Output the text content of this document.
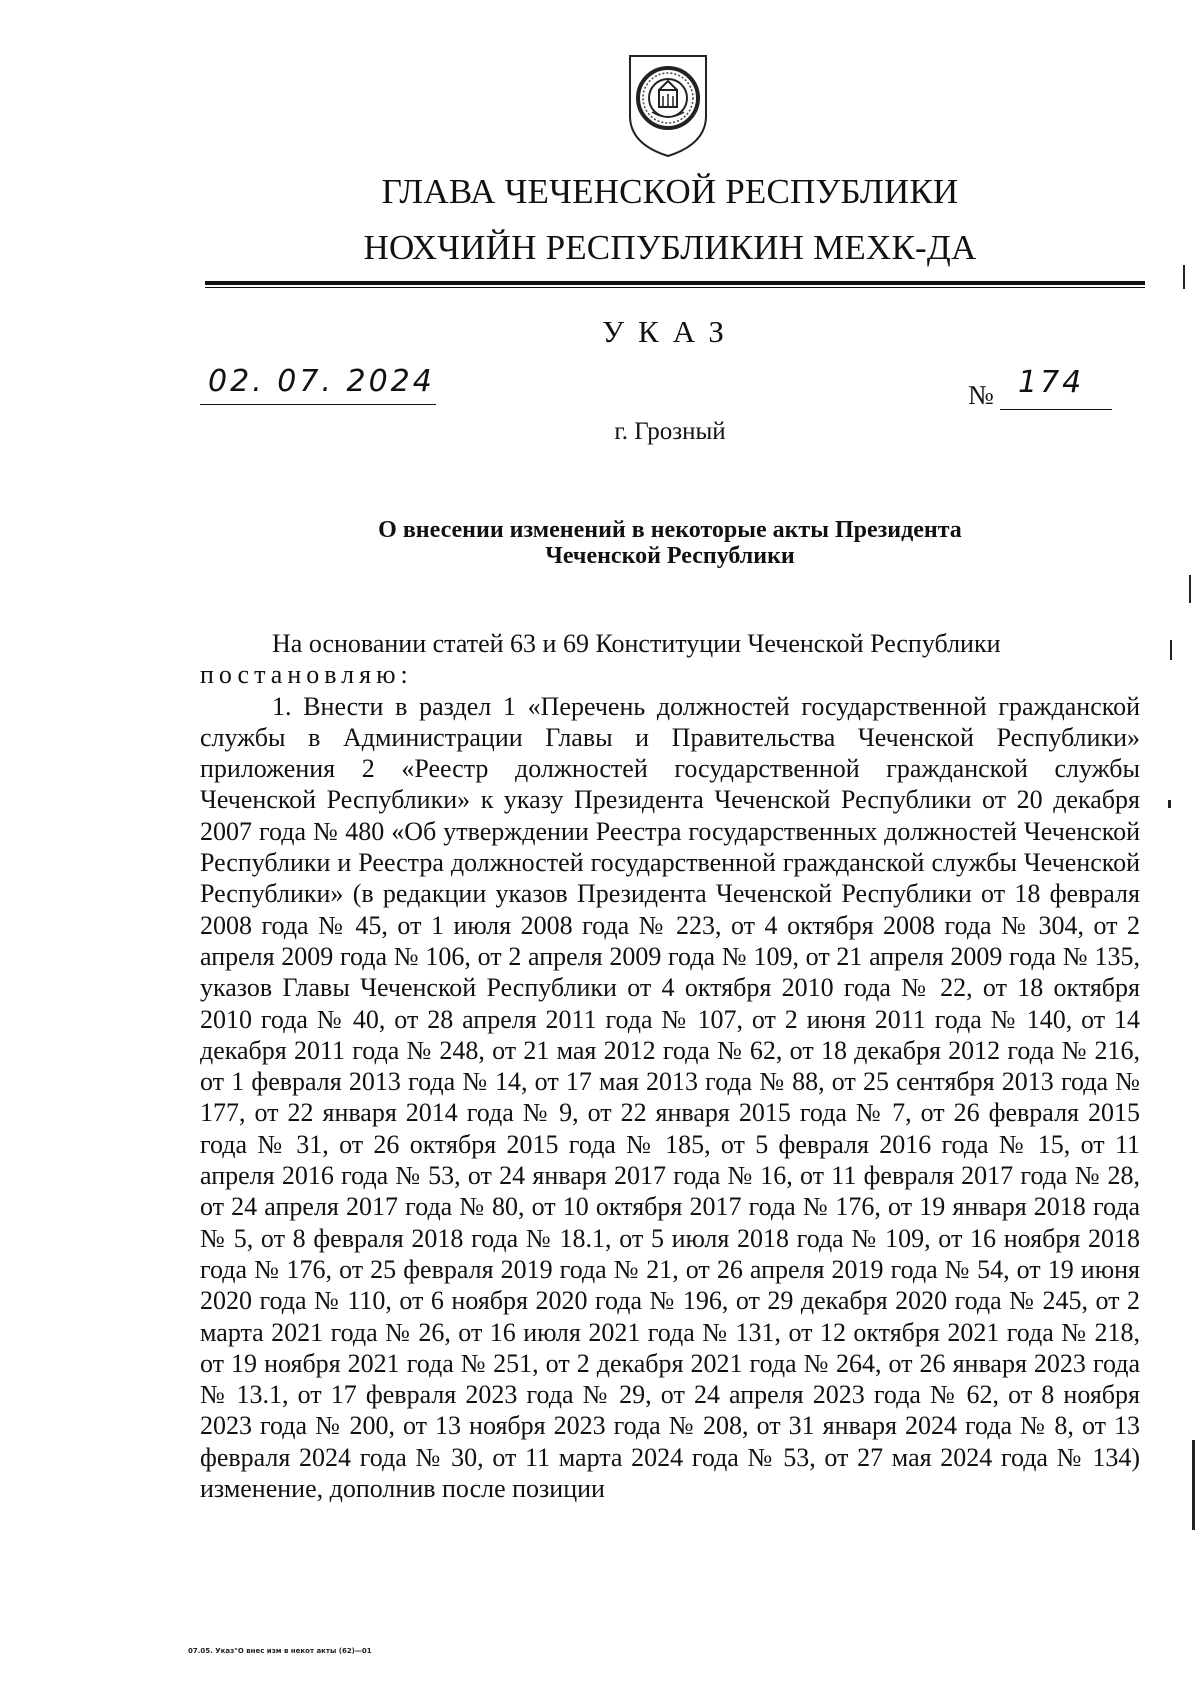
ГЛАВА ЧЕЧЕНСКОЙ РЕСПУБЛИКИ
НОХЧИЙН РЕСПУБЛИКИН МЕХК-ДА
УКАЗ
02. 07. 2024	№ 174
г. Грозный
О внесении изменений в некоторые акты Президента
Чеченской Республики

На основании статей 63 и 69 Конституции Чеченской Республики

постановляю:

1. Внести в раздел 1 «Перечень должностей государственной гражданской службы в Администрации Главы и Правительства Чеченской Республики» приложения 2 «Реестр должностей государственной гражданской службы Чеченской Республики» к указу Президента Чеченской Республики от 20 декабря 2007 года № 480 «Об утверждении Реестра государственных должностей Чеченской Республики и Реестра должностей государственной гражданской службы Чеченской Республики» (в редакции указов Президента Чеченской Республики от 18 февраля 2008 года № 45, от 1 июля 2008 года № 223, от 4 октября 2008 года № 304, от 2 апреля 2009 года № 106, от 2 апреля 2009 года № 109, от 21 апреля 2009 года № 135, указов Главы Чеченской Республики от 4 октября 2010 года № 22, от 18 октября 2010 года № 40, от 28 апреля 2011 года № 107, от 2 июня 2011 года № 140, от 14 декабря 2011 года № 248, от 21 мая 2012 года № 62, от 18 декабря 2012 года № 216, от 1 февраля 2013 года № 14, от 17 мая 2013 года № 88, от 25 сентября 2013 года № 177, от 22 января 2014 года № 9, от 22 января 2015 года № 7, от 26 февраля 2015 года № 31, от 26 октября 2015 года № 185, от 5 февраля 2016 года № 15, от 11 апреля 2016 года № 53, от 24 января 2017 года № 16, от 11 февраля 2017 года № 28, от 24 апреля 2017 года № 80, от 10 октября 2017 года № 176, от 19 января 2018 года № 5, от 8 февраля 2018 года № 18.1, от 5 июля 2018 года № 109, от 16 ноября 2018 года № 176, от 25 февраля 2019 года № 21, от 26 апреля 2019 года № 54, от 19 июня 2020 года № 110, от 6 ноября 2020 года № 196, от 29 декабря 2020 года № 245, от 2 марта 2021 года № 26, от 16 июля 2021 года № 131, от 12 октября 2021 года № 218, от 19 ноября 2021 года № 251, от 2 декабря 2021 года № 264, от 26 января 2023 года № 13.1, от 17 февраля 2023 года № 29, от 24 апреля 2023 года № 62, от 8 ноября 2023 года № 200, от 13 ноября 2023 года № 208, от 31 января 2024 года № 8, от 13 февраля 2024 года № 30, от 11 марта 2024 года № 53, от 27 мая 2024 года № 134) изменение, дополнив после позиции

07.05. Указ"О внес изм в некот акты (62)—01
